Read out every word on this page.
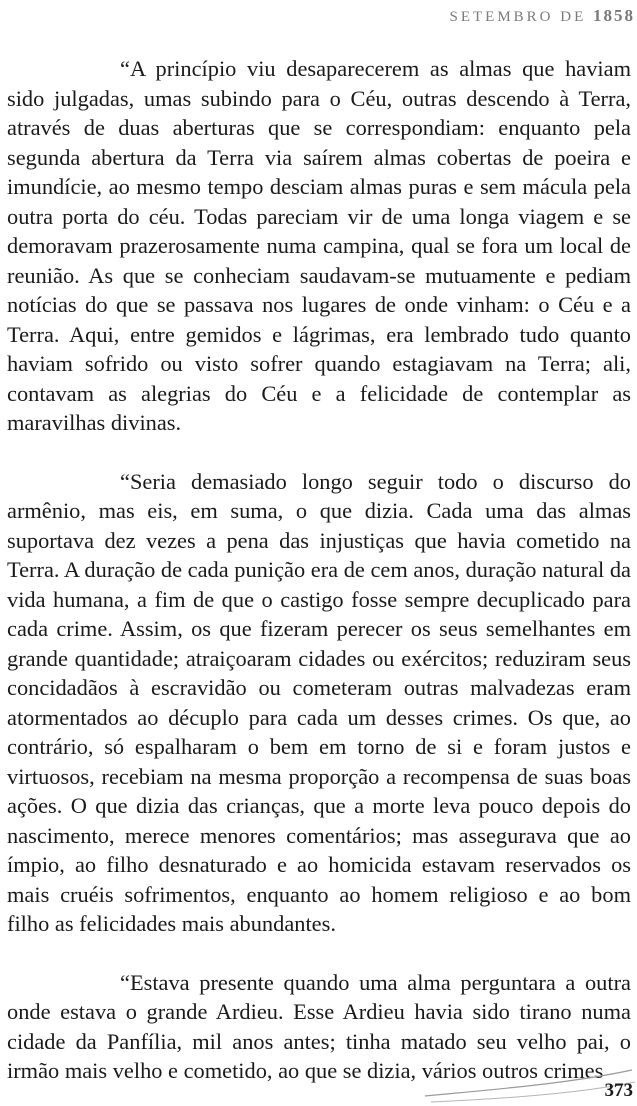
SETEMBRO DE 1858

“A princípio viu desaparecerem as almas que haviam sido julgadas, umas subindo para o Céu, outras descendo à Terra, através de duas aberturas que se correspondiam: enquanto pela segunda abertura da Terra via saírem almas cobertas de poeira e imundície, ao mesmo tempo desciam almas puras e sem mácula pela outra porta do céu. Todas pareciam vir de uma longa viagem e se demoravam prazerosamente numa campina, qual se fora um local de reunião. As que se conheciam saudavam-se mutuamente e pediam notícias do que se passava nos lugares de onde vinham: o Céu e a Terra. Aqui, entre gemidos e lágrimas, era lembrado tudo quanto haviam sofrido ou visto sofrer quando estagiavam na Terra; ali, contavam as alegrias do Céu e a felicidade de contemplar as maravilhas divinas.

“Seria demasiado longo seguir todo o discurso do armênio, mas eis, em suma, o que dizia. Cada uma das almas suportava dez vezes a pena das injustiças que havia cometido na Terra. A duração de cada punição era de cem anos, duração natural da vida humana, a fim de que o castigo fosse sempre decuplicado para cada crime. Assim, os que fizeram perecer os seus semelhantes em grande quantidade; atraiçoaram cidades ou exércitos; reduziram seus concidadãos à escravidão ou cometeram outras malvadezas eram atormentados ao décuplo para cada um desses crimes. Os que, ao contrário, só espalharam o bem em torno de si e foram justos e virtuosos, recebiam na mesma proporção a recompensa de suas boas ações. O que dizia das crianças, que a morte leva pouco depois do nascimento, merece menores comentários; mas assegurava que ao ímpio, ao filho desnaturado e ao homicida estavam reservados os mais cruéis sofrimentos, enquanto ao homem religioso e ao bom filho as felicidades mais abundantes.

“Estava presente quando uma alma perguntara a outra onde estava o grande Ardieu. Esse Ardieu havia sido tirano numa cidade da Panfília, mil anos antes; tinha matado seu velho pai, o irmão mais velho e cometido, ao que se dizia, vários outros crimes

373
